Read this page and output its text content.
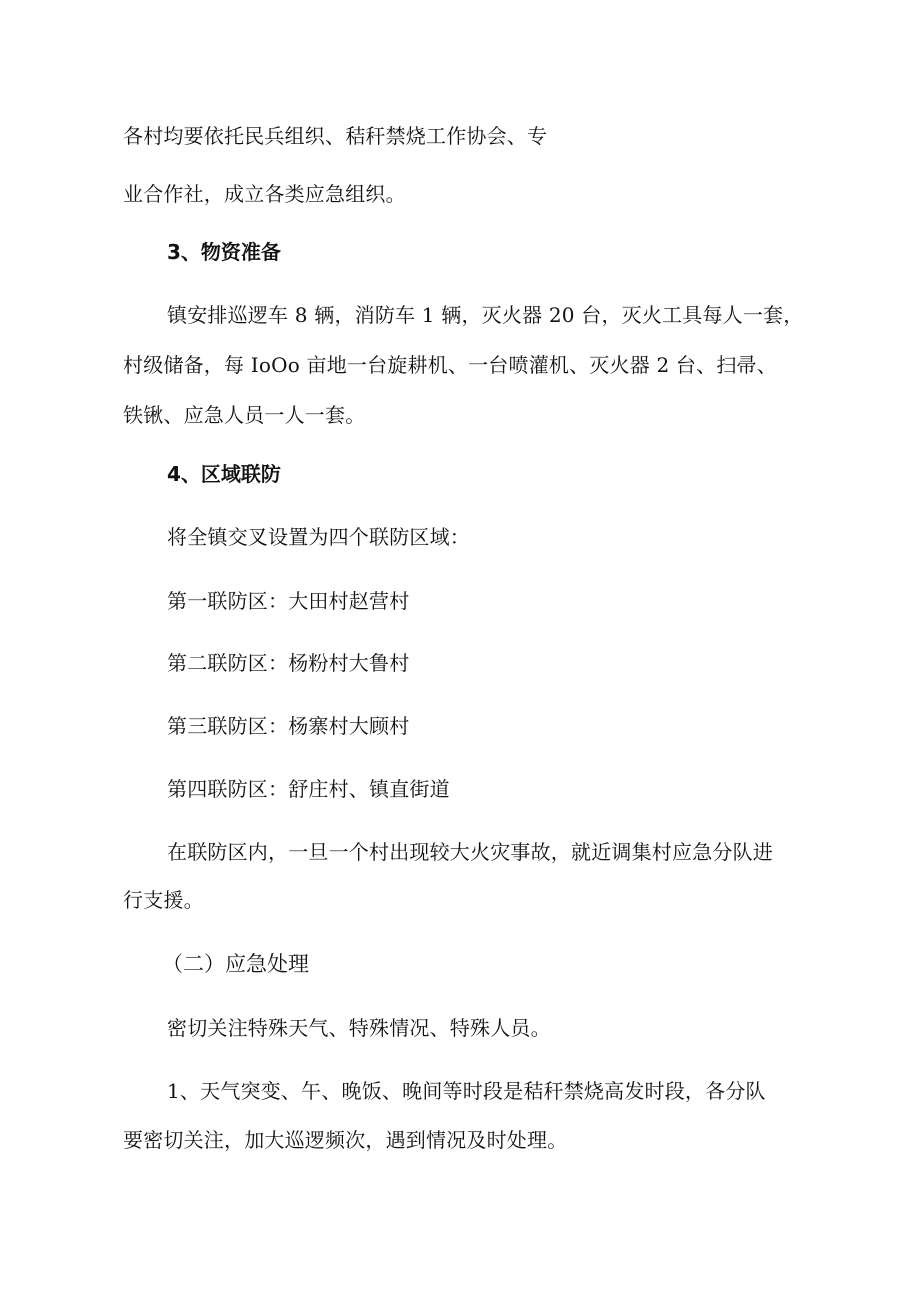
各村均要依托民兵组织、秸秆禁烧工作协会、专
业合作社，成立各类应急组织。
3、物资准备
镇安排巡逻车 8 辆，消防车 1 辆，灭火器 20 台，灭火工具每人一套，
村级储备，每 IoOo 亩地一台旋耕机、一台喷灌机、灭火器 2 台、扫帚、
铁锹、应急人员一人一套。
4、区域联防
将全镇交叉设置为四个联防区域：
第一联防区：大田村赵营村
第二联防区：杨粉村大鲁村
第三联防区：杨寨村大顾村
第四联防区：舒庄村、镇直街道
在联防区内，一旦一个村出现较大火灾事故，就近调集村应急分队进
行支援。
（二）应急处理
密切关注特殊天气、特殊情况、特殊人员。
1、天气突变、午、晚饭、晚间等时段是秸秆禁烧高发时段，各分队
要密切关注，加大巡逻频次，遇到情况及时处理。
